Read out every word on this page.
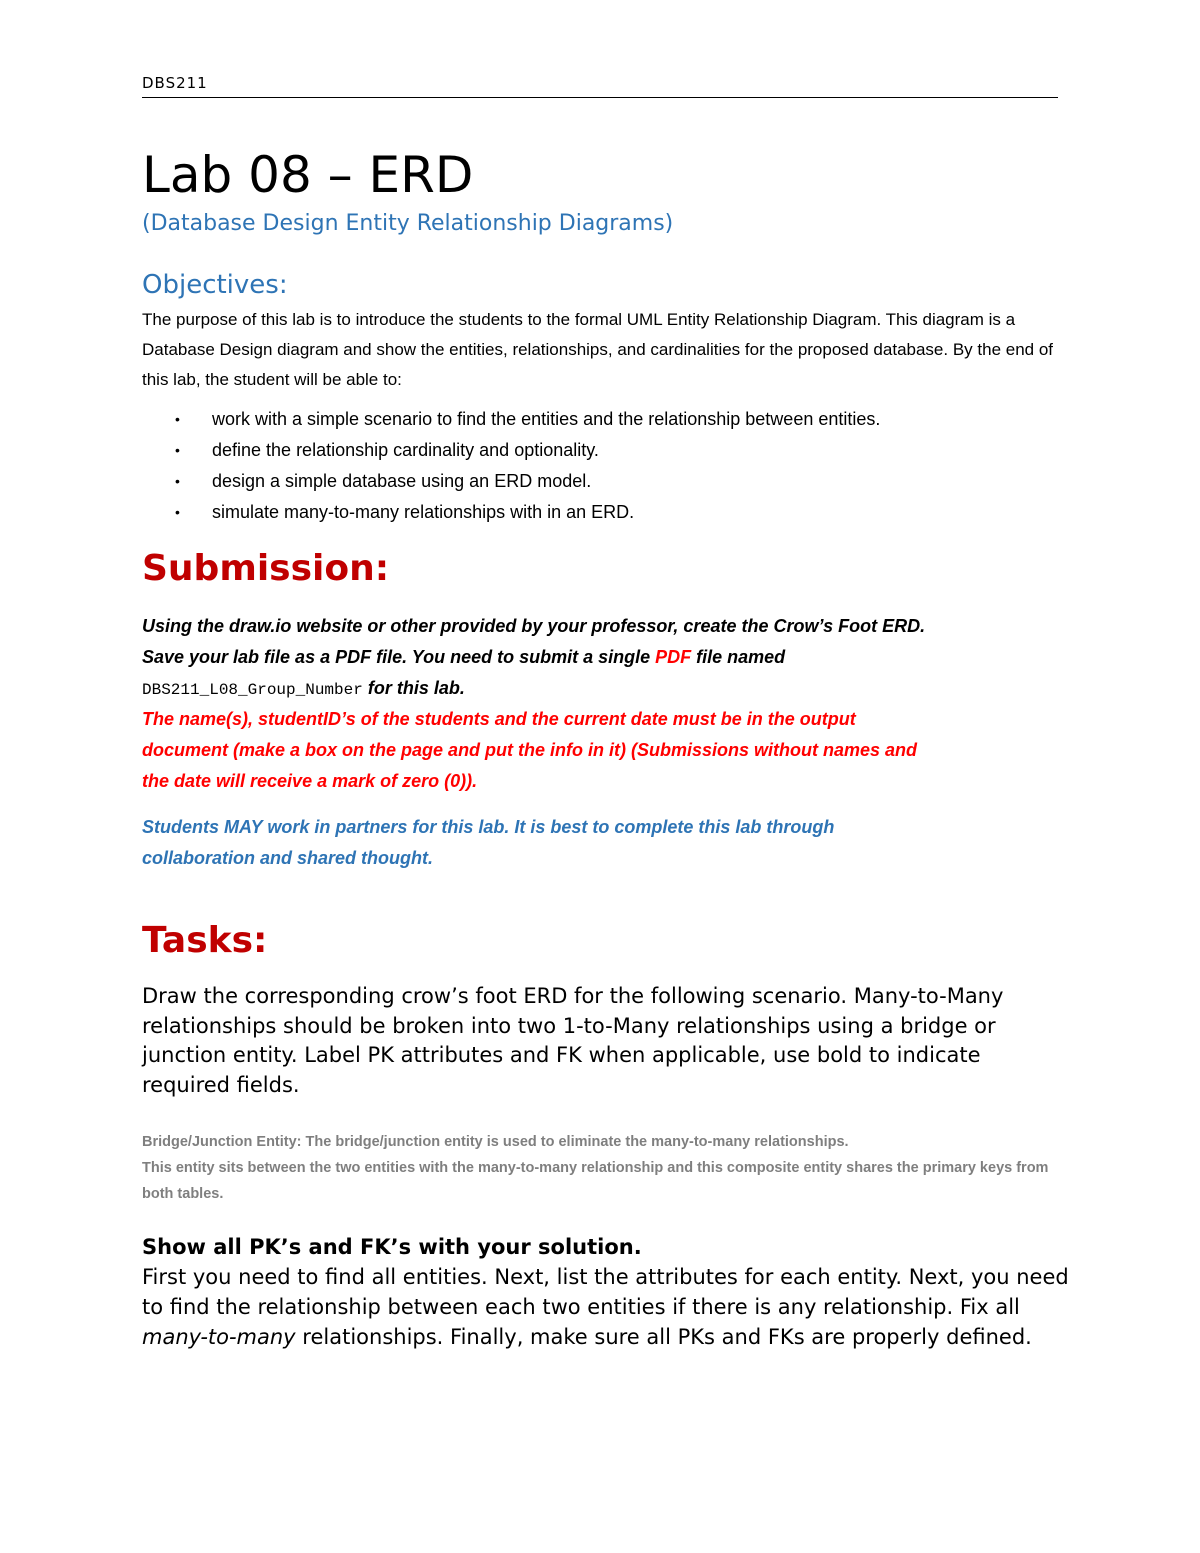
DBS211
Lab 08 – ERD
(Database Design Entity Relationship Diagrams)
Objectives:

The purpose of this lab is to introduce the students to the formal UML Entity Relationship Diagram. This diagram is a Database Design diagram and show the entities, relationships, and cardinalities for the proposed database. By the end of this lab, the student will be able to:

• work with a simple scenario to find the entities and the relationship between entities.
• define the relationship cardinality and optionality.
• design a simple database using an ERD model.
• simulate many-to-many relationships with in an ERD.
Submission:
Using the draw.io website or other provided by your professor, create the Crow’s Foot ERD.
Save your lab file as a PDF file. You need to submit a single PDF file named
DBS211_L08_Group_Number for this lab.
The name(s), studentID’s of the students and the current date must be in the output
document (make a box on the page and put the info in it) (Submissions without names and
the date will receive a mark of zero (0)).
Students MAY work in partners for this lab. It is best to complete this lab through
collaboration and shared thought.
Tasks:

Draw the corresponding crow’s foot ERD for the following scenario. Many-to-Many relationships should be broken into two 1-to-Many relationships using a bridge or junction entity. Label PK attributes and FK when applicable, use bold to indicate required fields.

Bridge/Junction Entity: The bridge/junction entity is used to eliminate the many-to-many relationships.
This entity sits between the two entities with the many-to-many relationship and this composite entity shares the primary keys from both tables.
Show all PK’s and FK’s with your solution.

First you need to find all entities. Next, list the attributes for each entity. Next, you need to find the relationship between each two entities if there is any relationship. Fix all many-to-many relationships. Finally, make sure all PKs and FKs are properly defined.
